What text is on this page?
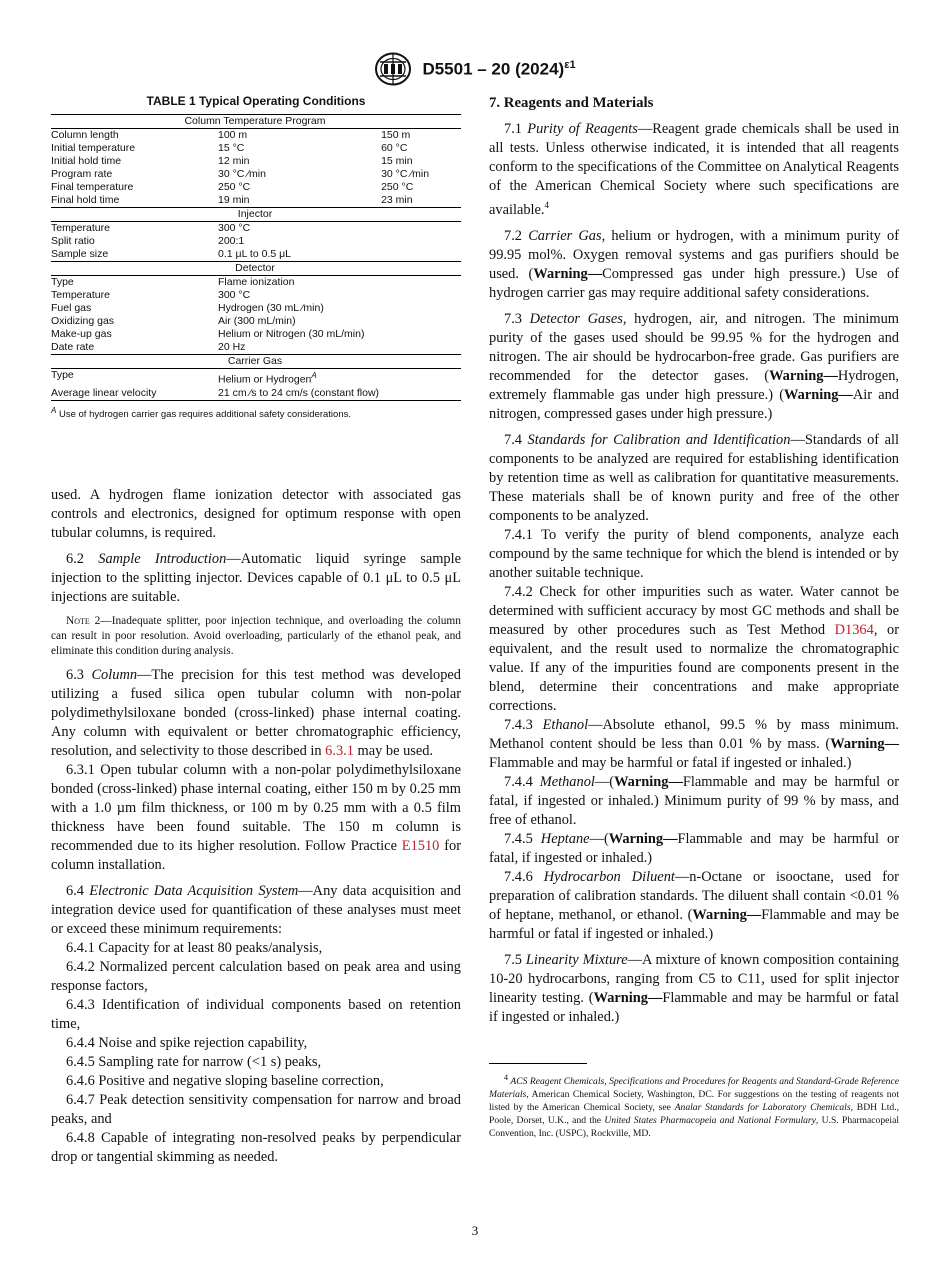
D5501 – 20 $(2024)^{\varepsilon 1}$
TABLE 1 Typical Operating Conditions
Column Temperature Program		
Column length	100 m	150 m
Initial temperature	15 °C	60 °C
Initial hold time	12 min	15 min
Program rate	30 °C ⁄min	30 °C ⁄min
Final temperature	250 °C	250 °C
Final hold time	19 min	23 min
Injector		
Temperature	300 °C	
Split ratio	200:1	
Sample size	0.1 μL to 0.5 μL	
Detector		
Type	Flame ionization	
Temperature	300 °C	
Fuel gas	Hydrogen (30 mL ⁄min)	
Oxidizing gas	Air (300 mL/min)	
Make-up gas	Helium or Nitrogen (30 mL/min)	
Date rate	20 Hz	
Carrier Gas		
Type	Helium or Hydrogen$^A$	
Average linear velocity	21 cm ⁄s to 24 cm/s (constant flow)	
$^A$ Use of hydrogen carrier gas requires additional safety considerations.

used. A hydrogen flame ionization detector with associated gas controls and electronics, designed for optimum response with open tubular columns, is required.

6.2 Sample Introduction—Automatic liquid syringe sample injection to the splitting injector. Devices capable of 0.1 μL to 0.5 μL injections are suitable.

Note 2—Inadequate splitter, poor injection technique, and overloading the column can result in poor resolution. Avoid overloading, particularly of the ethanol peak, and eliminate this condition during analysis.

6.3 Column—The precision for this test method was developed utilizing a fused silica open tubular column with non-polar polydimethylsiloxane bonded (cross-linked) phase internal coating. Any column with equivalent or better chromatographic efficiency, resolution, and selectivity to those described in 6.3.1 may be used.

6.3.1 Open tubular column with a non-polar polydimethylsiloxane bonded (cross-linked) phase internal coating, either 150 m by 0.25 mm with a 1.0 µm film thickness, or 100 m by 0.25 mm with a 0.5 film thickness have been found suitable. The 150 m column is recommended due to its higher resolution. Follow Practice E1510 for column installation.

6.4 Electronic Data Acquisition System—Any data acquisition and integration device used for quantification of these analyses must meet or exceed these minimum requirements:

6.4.1 Capacity for at least 80 peaks/analysis,

6.4.2 Normalized percent calculation based on peak area and using response factors,

6.4.3 Identification of individual components based on retention time,

6.4.4 Noise and spike rejection capability,

6.4.5 Sampling rate for narrow (<1 s) peaks,

6.4.6 Positive and negative sloping baseline correction,

6.4.7 Peak detection sensitivity compensation for narrow and broad peaks, and

6.4.8 Capable of integrating non-resolved peaks by perpendicular drop or tangential skimming as needed.

7. Reagents and Materials

7.1 Purity of Reagents—Reagent grade chemicals shall be used in all tests. Unless otherwise indicated, it is intended that all reagents conform to the specifications of the Committee on Analytical Reagents of the American Chemical Society where such specifications are available.$^4$

7.2 Carrier Gas, helium or hydrogen, with a minimum purity of 99.95 mol%. Oxygen removal systems and gas purifiers should be used. (Warning—Compressed gas under high pressure.) Use of hydrogen carrier gas may require additional safety considerations.

7.3 Detector Gases, hydrogen, air, and nitrogen. The minimum purity of the gases used should be 99.95 % for the hydrogen and nitrogen. The air should be hydrocarbon-free grade. Gas purifiers are recommended for the detector gases. (Warning—Hydrogen, extremely flammable gas under high pressure.) (Warning—Air and nitrogen, compressed gases under high pressure.)

7.4 Standards for Calibration and Identification—Standards of all components to be analyzed are required for establishing identification by retention time as well as calibration for quantitative measurements. These materials shall be of known purity and free of the other components to be analyzed.

7.4.1 To verify the purity of blend components, analyze each compound by the same technique for which the blend is intended or by another suitable technique.

7.4.2 Check for other impurities such as water. Water cannot be determined with sufficient accuracy by most GC methods and shall be measured by other procedures such as Test Method D1364, or equivalent, and the result used to normalize the chromatographic value. If any of the impurities found are components present in the blend, determine their concentrations and make appropriate corrections.

7.4.3 Ethanol—Absolute ethanol, 99.5 % by mass minimum. Methanol content should be less than 0.01 % by mass. (Warning—Flammable and may be harmful or fatal if ingested or inhaled.)

7.4.4 Methanol—(Warning—Flammable and may be harmful or fatal, if ingested or inhaled.) Minimum purity of 99 % by mass, and free of ethanol.

7.4.5 Heptane—(Warning—Flammable and may be harmful or fatal, if ingested or inhaled.)

7.4.6 Hydrocarbon Diluent—n-Octane or isooctane, used for preparation of calibration standards. The diluent shall contain <0.01 % of heptane, methanol, or ethanol. (Warning—Flammable and may be harmful or fatal if ingested or inhaled.)

7.5 Linearity Mixture—A mixture of known composition containing 10-20 hydrocarbons, ranging from C5 to C11, used for split injector linearity testing. (Warning—Flammable and may be harmful or fatal if ingested or inhaled.)

$^4$ ACS Reagent Chemicals, Specifications and Procedures for Reagents and Standard-Grade Reference Materials, American Chemical Society, Washington, DC. For suggestions on the testing of reagents not listed by the American Chemical Society, see Analar Standards for Laboratory Chemicals, BDH Ltd., Poole, Dorset, U.K., and the United States Pharmacopeia and National Formulary, U.S. Pharmacopeial Convention, Inc. (USPC), Rockville, MD.
3
